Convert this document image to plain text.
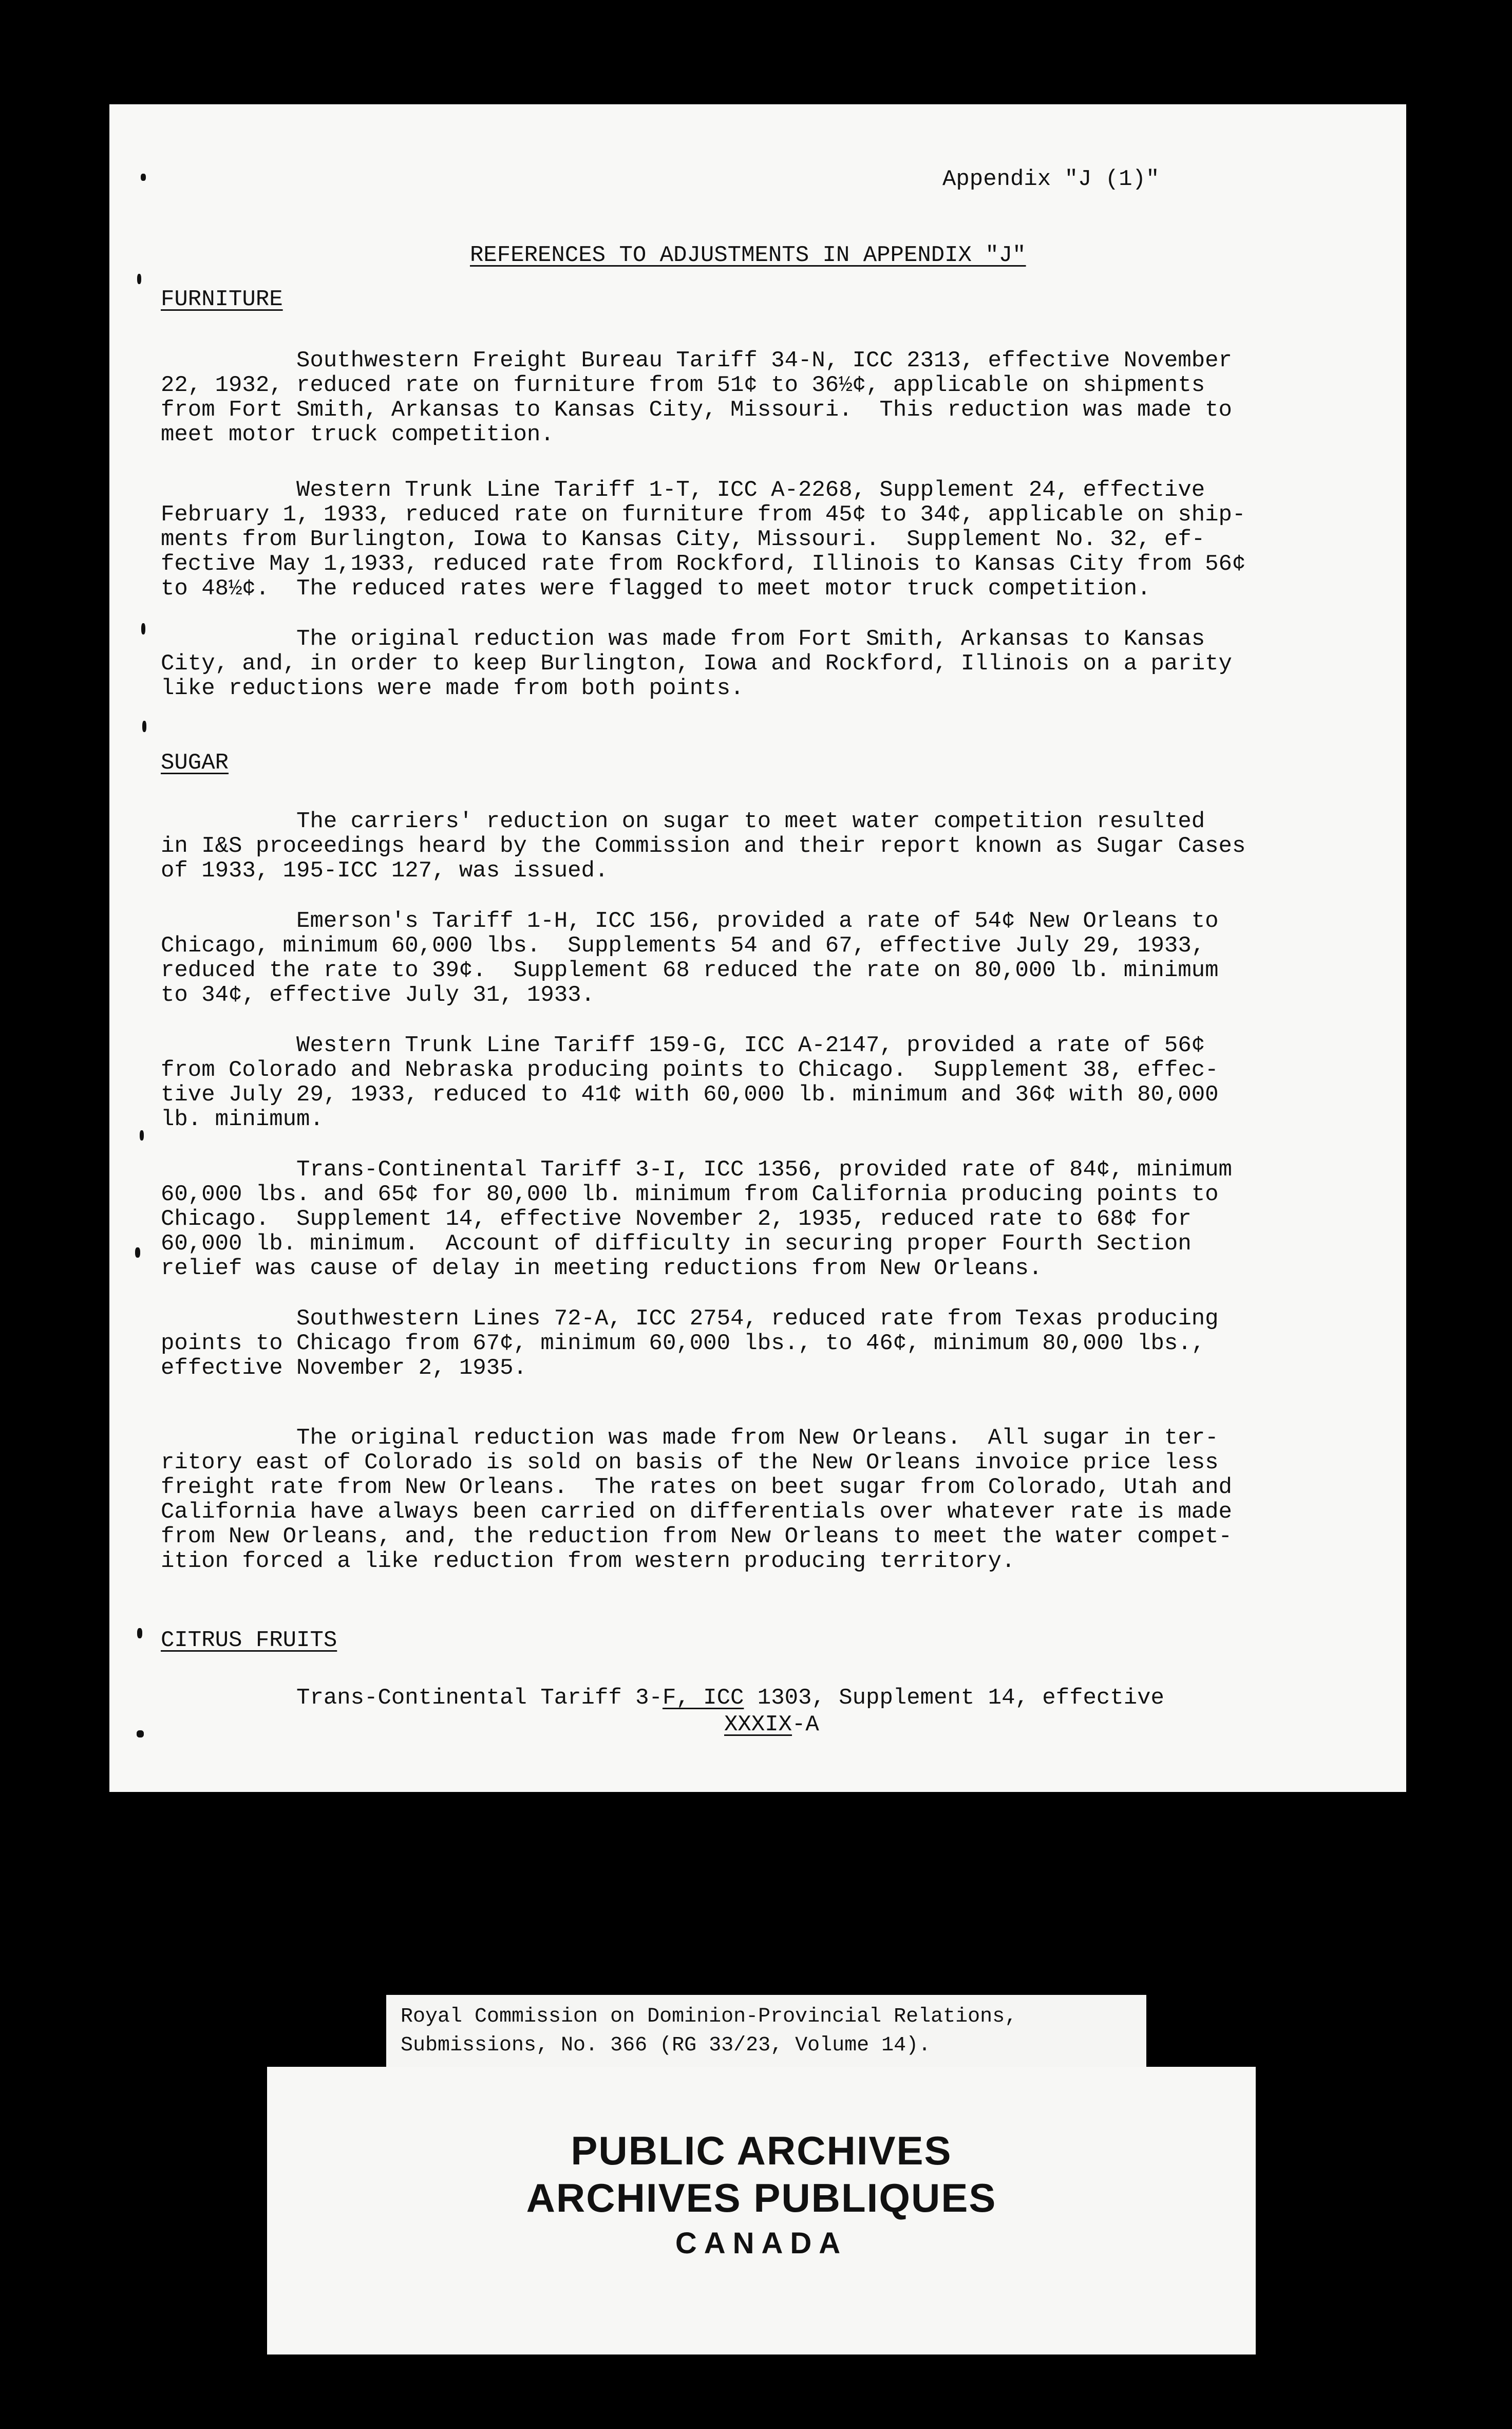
Appendix "J (1)"
REFERENCES TO ADJUSTMENTS IN APPENDIX "J"
FURNITURE
Southwestern Freight Bureau Tariff 34-N, ICC 2313, effective November
22, 1932, reduced rate on furniture from 51¢ to 36½¢, applicable on shipments
from Fort Smith, Arkansas to Kansas City, Missouri.  This reduction was made to
meet motor truck competition.
Western Trunk Line Tariff 1-T, ICC A-2268, Supplement 24, effective
February 1, 1933, reduced rate on furniture from 45¢ to 34¢, applicable on ship-
ments from Burlington, Iowa to Kansas City, Missouri.  Supplement No. 32, ef-
fective May 1,1933, reduced rate from Rockford, Illinois to Kansas City from 56¢
to 48½¢.  The reduced rates were flagged to meet motor truck competition.
The original reduction was made from Fort Smith, Arkansas to Kansas
City, and, in order to keep Burlington, Iowa and Rockford, Illinois on a parity
like reductions were made from both points.
SUGAR
The carriers' reduction on sugar to meet water competition resulted
in I&S proceedings heard by the Commission and their report known as Sugar Cases
of 1933, 195-ICC 127, was issued.
Emerson's Tariff 1-H, ICC 156, provided a rate of 54¢ New Orleans to
Chicago, minimum 60,000 lbs.  Supplements 54 and 67, effective July 29, 1933,
reduced the rate to 39¢.  Supplement 68 reduced the rate on 80,000 lb. minimum
to 34¢, effective July 31, 1933.
Western Trunk Line Tariff 159-G, ICC A-2147, provided a rate of 56¢
from Colorado and Nebraska producing points to Chicago.  Supplement 38, effec-
tive July 29, 1933, reduced to 41¢ with 60,000 lb. minimum and 36¢ with 80,000
lb. minimum.
Trans-Continental Tariff 3-I, ICC 1356, provided rate of 84¢, minimum
60,000 lbs. and 65¢ for 80,000 lb. minimum from California producing points to
Chicago.  Supplement 14, effective November 2, 1935, reduced rate to 68¢ for
60,000 lb. minimum.  Account of difficulty in securing proper Fourth Section
relief was cause of delay in meeting reductions from New Orleans.
Southwestern Lines 72-A, ICC 2754, reduced rate from Texas producing
points to Chicago from 67¢, minimum 60,000 lbs., to 46¢, minimum 80,000 lbs.,
effective November 2, 1935.
The original reduction was made from New Orleans.  All sugar in ter-
ritory east of Colorado is sold on basis of the New Orleans invoice price less
freight rate from New Orleans.  The rates on beet sugar from Colorado, Utah and
California have always been carried on differentials over whatever rate is made
from New Orleans, and, the reduction from New Orleans to meet the water compet-
ition forced a like reduction from western producing territory.
CITRUS FRUITS
Trans-Continental Tariff 3-F, ICC 1303, Supplement 14, effective
XXXIX-A
Royal Commission on Dominion-Provincial Relations,
Submissions, No. 366 (RG 33/23, Volume 14).
PUBLIC ARCHIVES
ARCHIVES PUBLIQUES
CANADA
